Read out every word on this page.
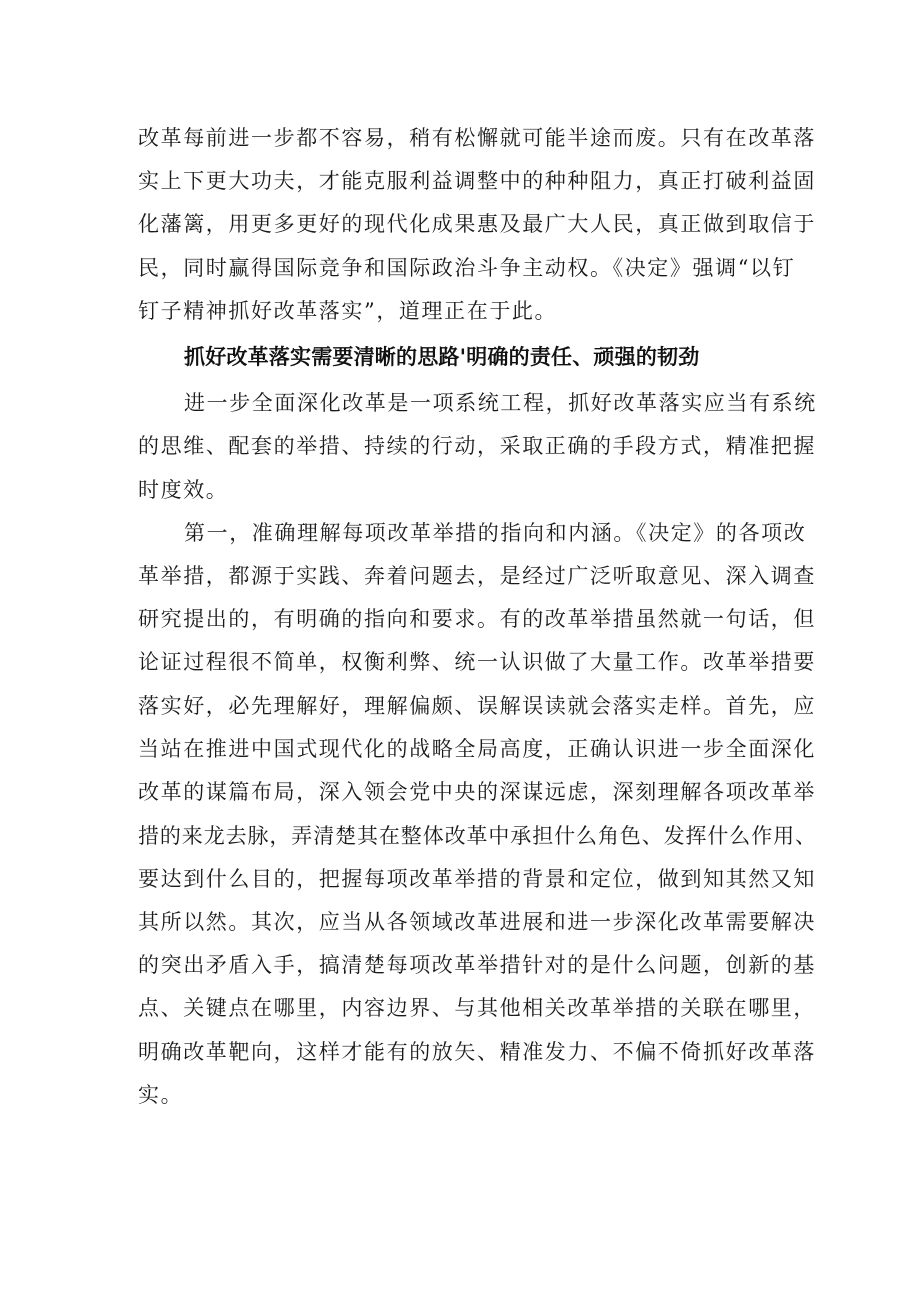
改革每前进一步都不容易，稍有松懈就可能半途而废。只有在改革落
实上下更大功夫，才能克服利益调整中的种种阻力，真正打破利益固
化藩篱，用更多更好的现代化成果惠及最广大人民，真正做到取信于
民，同时赢得国际竞争和国际政治斗争主动权。《决定》强调“以钉
钉子精神抓好改革落实”，道理正在于此。
抓好改革落实需要清晰的思路'明确的责任、顽强的韧劲
进一步全面深化改革是一项系统工程，抓好改革落实应当有系统
的思维、配套的举措、持续的行动，采取正确的手段方式，精准把握
时度效。
第一，准确理解每项改革举措的指向和内涵。《决定》的各项改
革举措，都源于实践、奔着问题去，是经过广泛听取意见、深入调查
研究提出的，有明确的指向和要求。有的改革举措虽然就一句话，但
论证过程很不简单，权衡利弊、统一认识做了大量工作。改革举措要
落实好，必先理解好，理解偏颇、误解误读就会落实走样。首先，应
当站在推进中国式现代化的战略全局高度，正确认识进一步全面深化
改革的谋篇布局，深入领会党中央的深谋远虑，深刻理解各项改革举
措的来龙去脉，弄清楚其在整体改革中承担什么角色、发挥什么作用、
要达到什么目的，把握每项改革举措的背景和定位，做到知其然又知
其所以然。其次，应当从各领域改革进展和进一步深化改革需要解决
的突出矛盾入手，搞清楚每项改革举措针对的是什么问题，创新的基
点、关键点在哪里，内容边界、与其他相关改革举措的关联在哪里，
明确改革靶向，这样才能有的放矢、精准发力、不偏不倚抓好改革落
实。
